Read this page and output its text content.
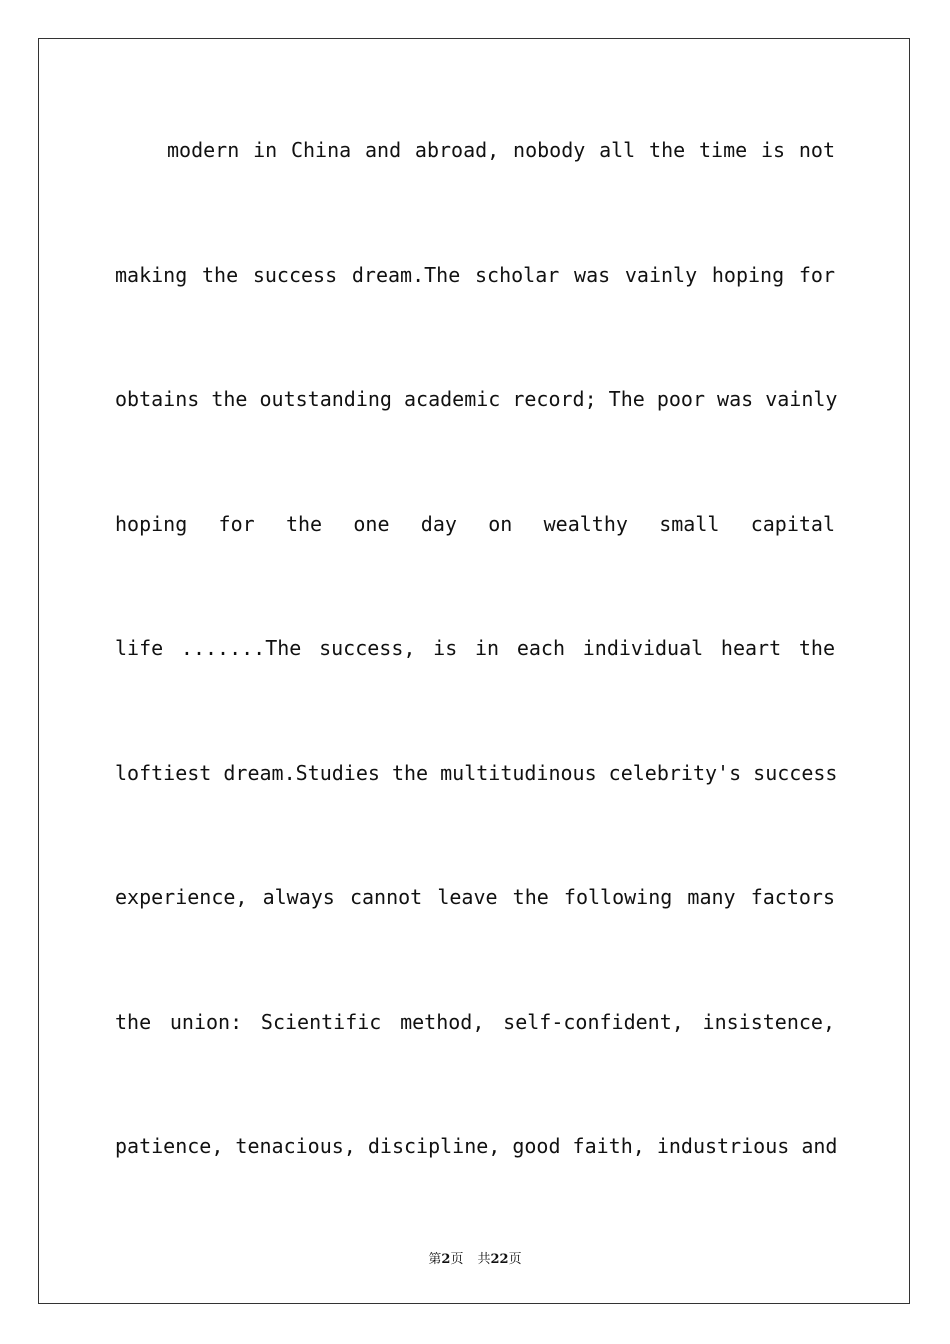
modern in China and abroad, nobody all the time is not
making the success dream.The scholar was vainly hoping for
obtains the outstanding academic record; The poor was vainly
hoping for the one day on wealthy small capital
life .......The success, is in each individual heart the
loftiest dream.Studies the multitudinous celebrity's success
experience, always cannot leave the following many factors
the union: Scientific method, self-confident, insistence,
patience, tenacious, discipline, good faith, industrious and
第2页 共22页
